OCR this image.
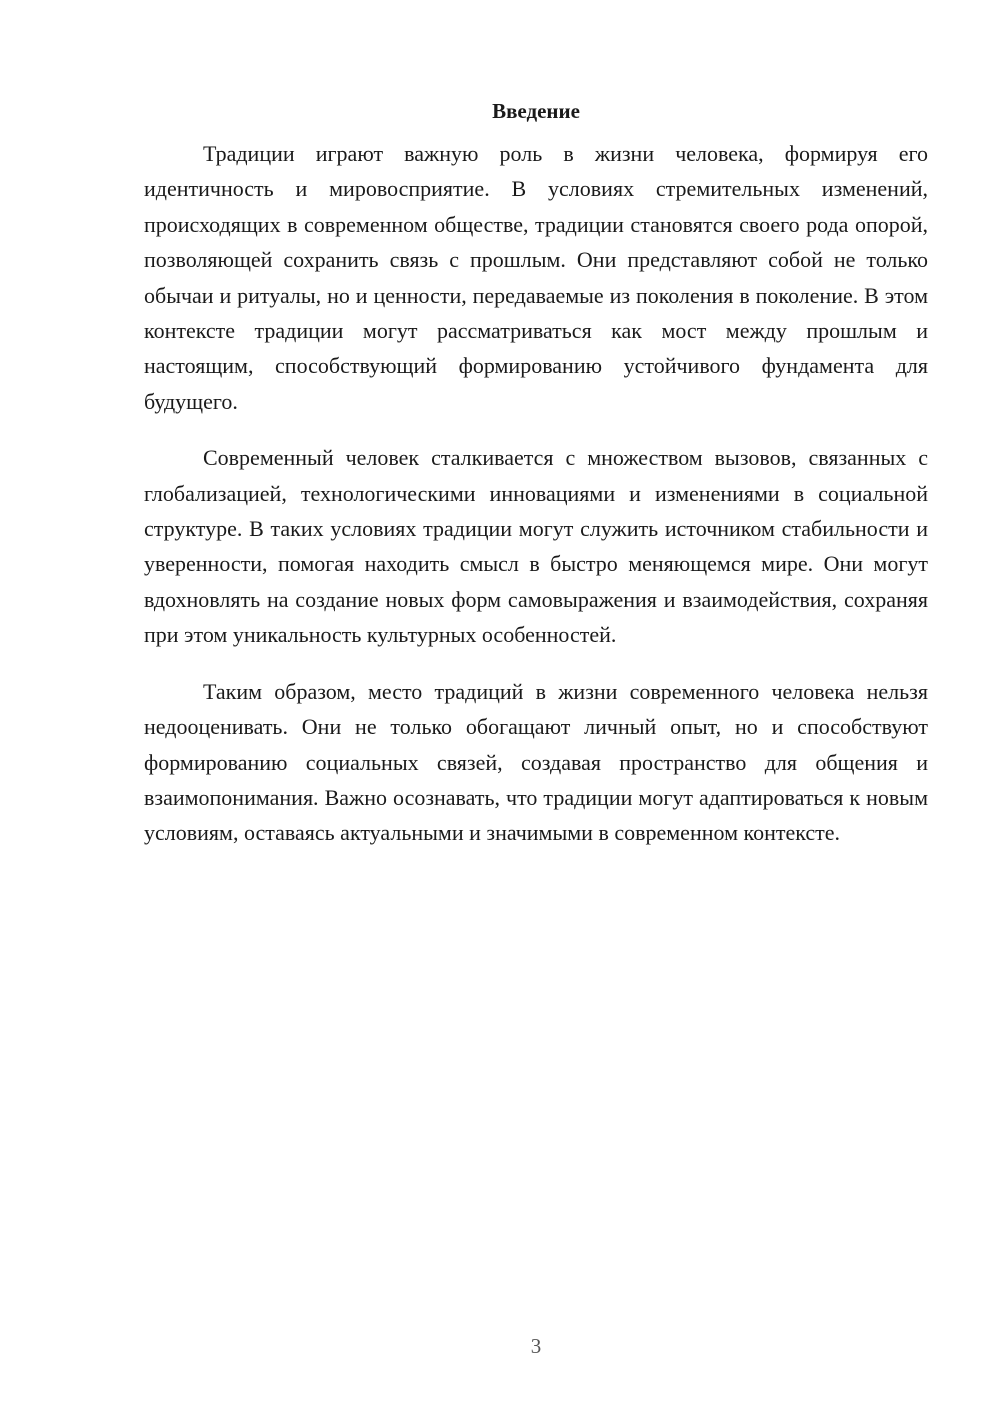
Введение

Традиции играют важную роль в жизни человека, формируя его идентичность и мировосприятие. В условиях стремительных изменений, происходящих в современном обществе, традиции становятся своего рода опорой, позволяющей сохранить связь с прошлым. Они представляют собой не только обычаи и ритуалы, но и ценности, передаваемые из поколения в поколение. В этом контексте традиции могут рассматриваться как мост между прошлым и настоящим, способствующий формированию устойчивого фундамента для будущего.

Современный человек сталкивается с множеством вызовов, связанных с глобализацией, технологическими инновациями и изменениями в социальной структуре. В таких условиях традиции могут служить источником стабильности и уверенности, помогая находить смысл в быстро меняющемся мире. Они могут вдохновлять на создание новых форм самовыражения и взаимодействия, сохраняя при этом уникальность культурных особенностей.

Таким образом, место традиций в жизни современного человека нельзя недооценивать. Они не только обогащают личный опыт, но и способствуют формированию социальных связей, создавая пространство для общения и взаимопонимания. Важно осознавать, что традиции могут адаптироваться к новым условиям, оставаясь актуальными и значимыми в современном контексте.

3
